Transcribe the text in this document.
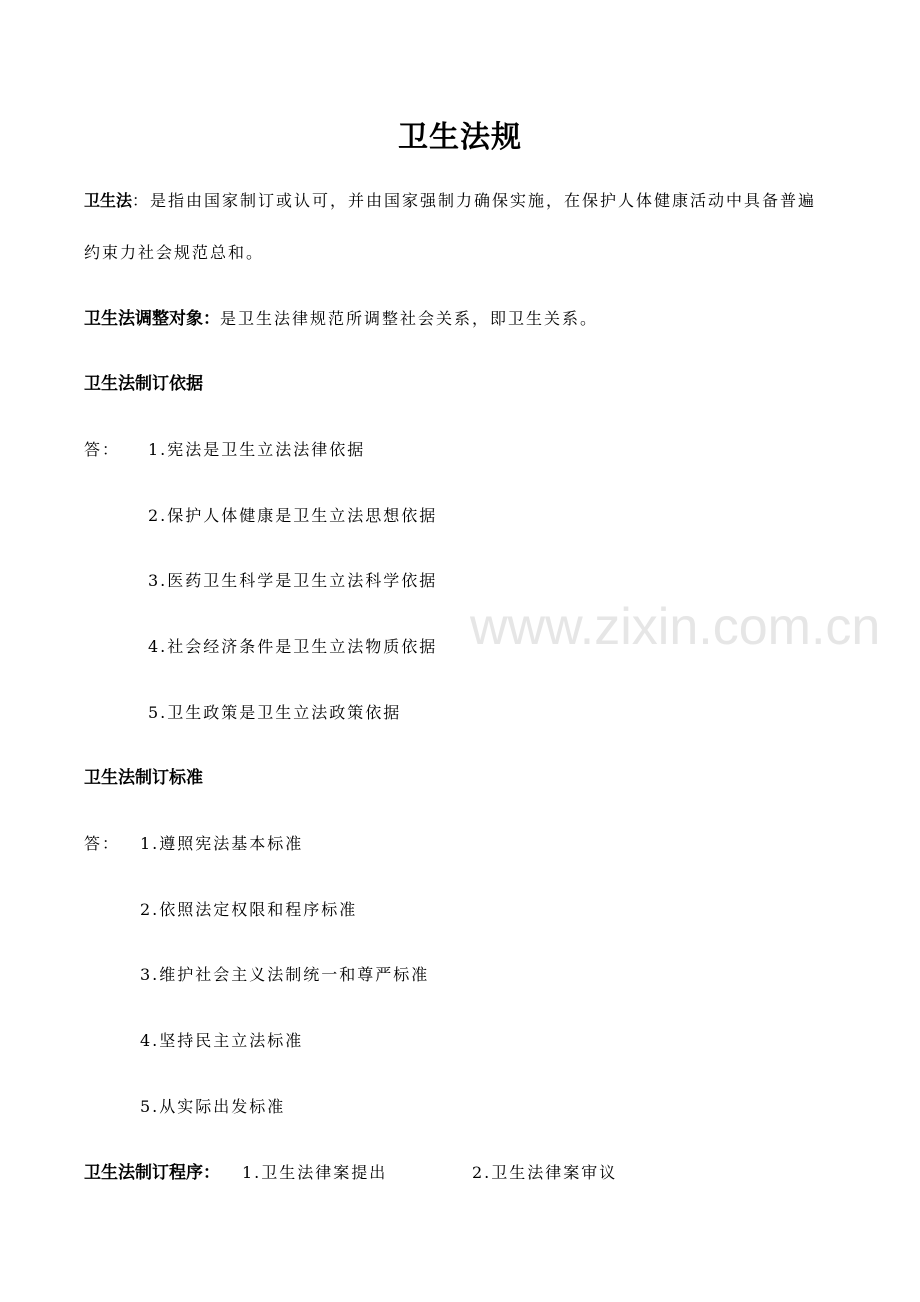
www.zixin.com.cn
卫生法规
卫生法：是指由国家制订或认可，并由国家强制力确保实施，在保护人体健康活动中具备普遍
约束力社会规范总和。
卫生法调整对象：是卫生法律规范所调整社会关系，即卫生关系。
卫生法制订依据
答： 1.宪法是卫生立法法律依据
2.保护人体健康是卫生立法思想依据
3.医药卫生科学是卫生立法科学依据
4.社会经济条件是卫生立法物质依据
5.卫生政策是卫生立法政策依据
卫生法制订标准
答： 1.遵照宪法基本标准
2.依照法定权限和程序标准
3.维护社会主义法制统一和尊严标准
4.坚持民主立法标准
5.从实际出发标准
卫生法制订程序： 1.卫生法律案提出	2.卫生法律案审议
